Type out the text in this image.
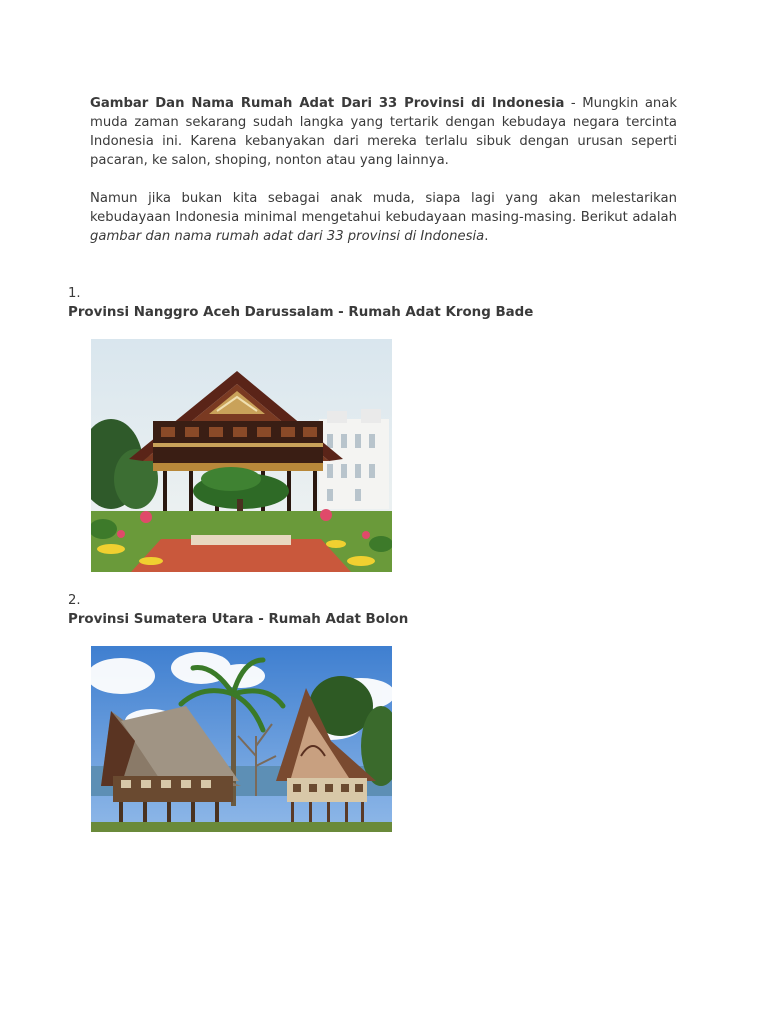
Gambar Dan Nama Rumah Adat Dari 33 Provinsi di Indonesia - Mungkin anak muda zaman sekarang sudah langka yang tertarik dengan kebudaya negara tercinta Indonesia ini. Karena kebanyakan dari mereka terlalu sibuk dengan urusan seperti pacaran, ke salon, shoping, nonton atau yang lainnya.

Namun jika bukan kita sebagai anak muda, siapa lagi yang akan melestarikan kebudayaan Indonesia minimal mengetahui kebudayaan masing-masing. Berikut adalah gambar dan nama rumah adat dari 33 provinsi di Indonesia.

1.
Provinsi Nanggro Aceh Darussalam - Rumah Adat Krong Bade
2.
Provinsi Sumatera Utara - Rumah Adat Bolon
